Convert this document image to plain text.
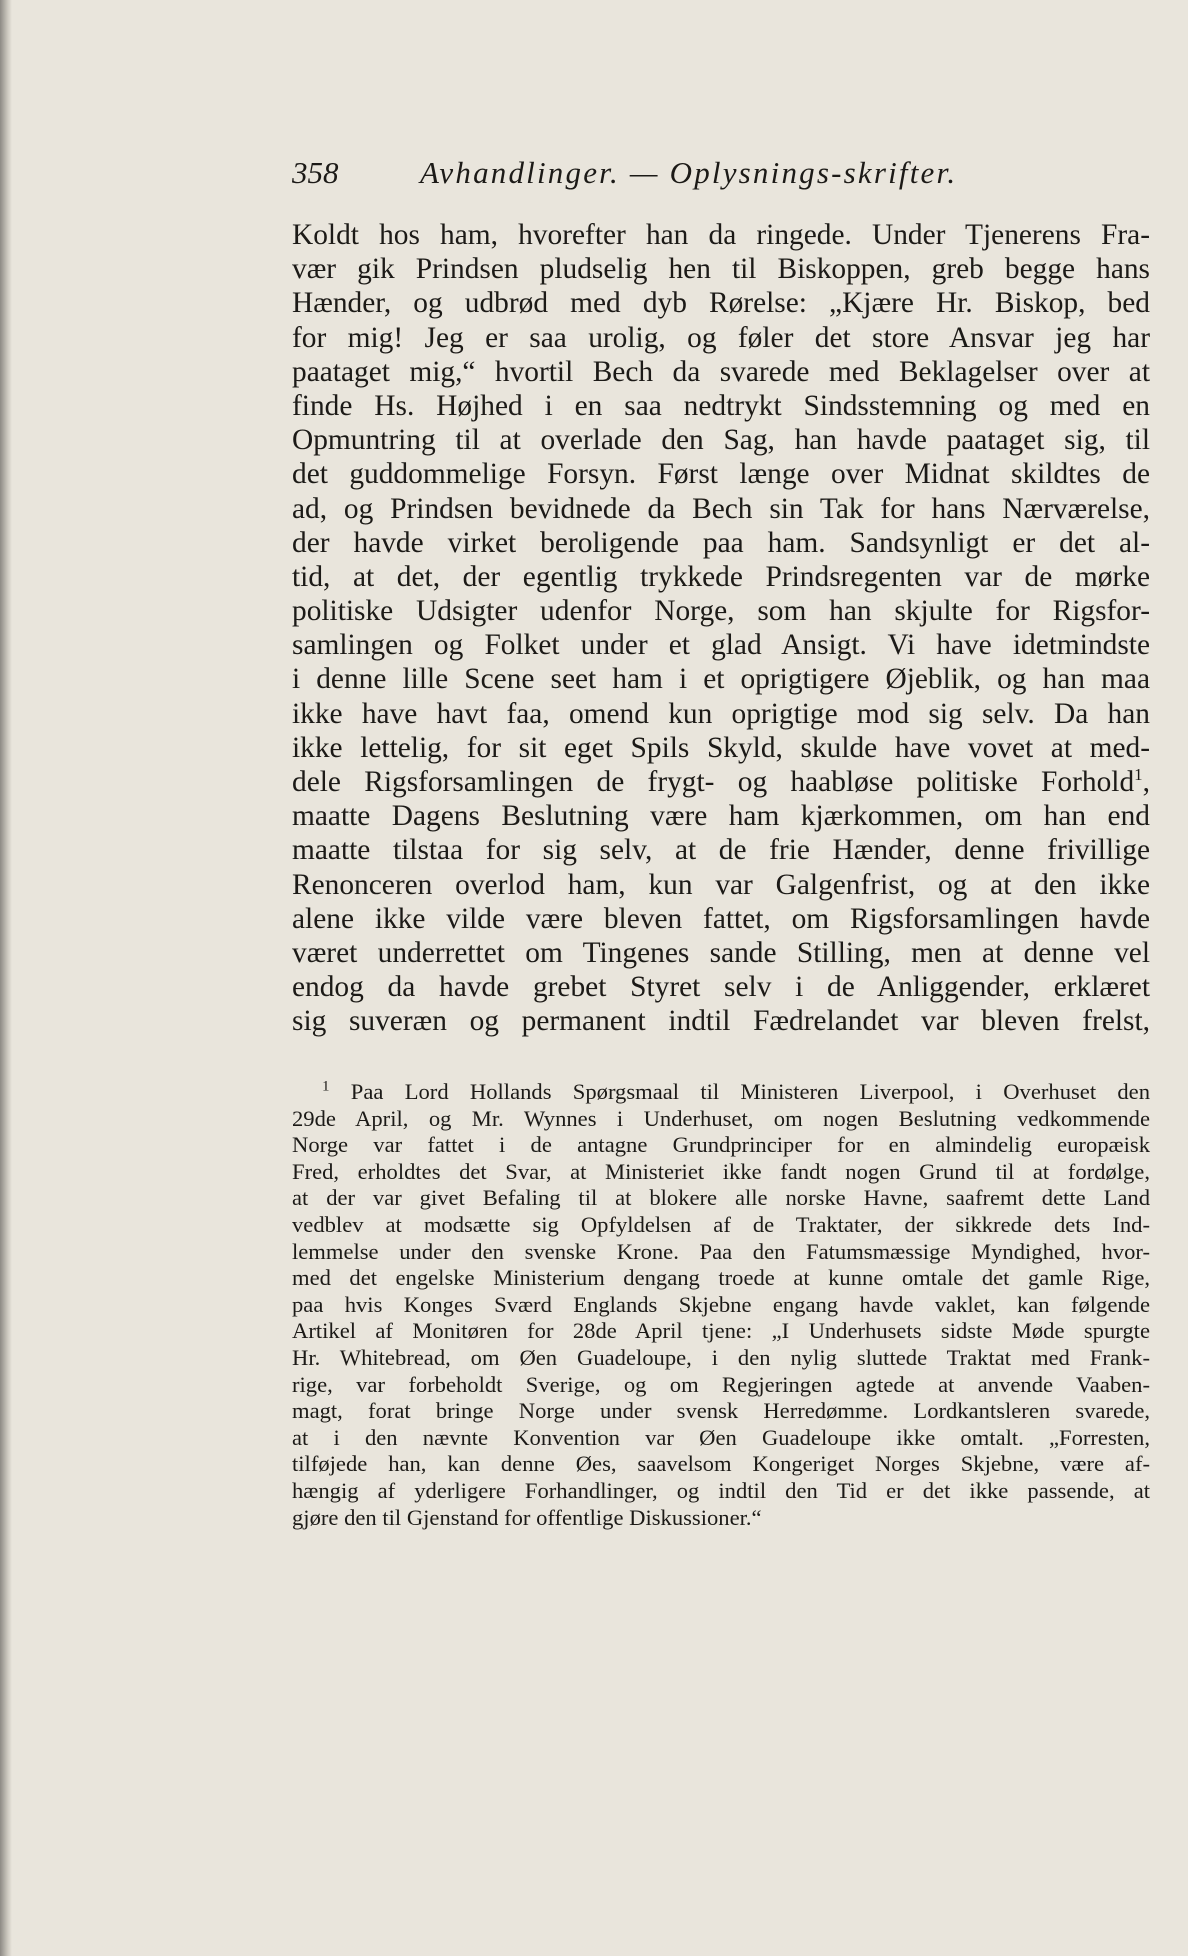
358	Avhandlinger. — Oplysnings-skrifter.
Koldt hos ham, hvorefter han da ringede. Under Tjenerens Fra-
vær gik Prindsen pludselig hen til Biskoppen, greb begge hans
Hænder, og udbrød med dyb Rørelse: „Kjære Hr. Biskop, bed
for mig! Jeg er saa urolig, og føler det store Ansvar jeg har
paataget mig,“ hvortil Bech da svarede med Beklagelser over at
finde Hs. Højhed i en saa nedtrykt Sindsstemning og med en
Opmuntring til at overlade den Sag, han havde paataget sig, til
det guddommelige Forsyn. Først længe over Midnat skildtes de
ad, og Prindsen bevidnede da Bech sin Tak for hans Nærværelse,
der havde virket beroligende paa ham. Sandsynligt er det al-
tid, at det, der egentlig trykkede Prindsregenten var de mørke
politiske Udsigter udenfor Norge, som han skjulte for Rigsfor-
samlingen og Folket under et glad Ansigt. Vi have idetmindste
i denne lille Scene seet ham i et oprigtigere Øjeblik, og han maa
ikke have havt faa, omend kun oprigtige mod sig selv. Da han
ikke lettelig, for sit eget Spils Skyld, skulde have vovet at med-
dele Rigsforsamlingen de frygt- og haabløse politiske Forhold$^1$,
maatte Dagens Beslutning være ham kjærkommen, om han end
maatte tilstaa for sig selv, at de frie Hænder, denne frivillige
Renonceren overlod ham, kun var Galgenfrist, og at den ikke
alene ikke vilde være bleven fattet, om Rigsforsamlingen havde
været underrettet om Tingenes sande Stilling, men at denne vel
endog da havde grebet Styret selv i de Anliggender, erklæret
sig suveræn og permanent indtil Fædrelandet var bleven frelst,
$^1$ Paa Lord Hollands Spørgsmaal til Ministeren Liverpool, i Overhuset den
29de April, og Mr. Wynnes i Underhuset, om nogen Beslutning vedkommende
Norge var fattet i de antagne Grundprinciper for en almindelig europæisk
Fred, erholdtes det Svar, at Ministeriet ikke fandt nogen Grund til at fordølge,
at der var givet Befaling til at blokere alle norske Havne, saafremt dette Land
vedblev at modsætte sig Opfyldelsen af de Traktater, der sikkrede dets Ind-
lemmelse under den svenske Krone. Paa den Fatumsmæssige Myndighed, hvor-
med det engelske Ministerium dengang troede at kunne omtale det gamle Rige,
paa hvis Konges Sværd Englands Skjebne engang havde vaklet, kan følgende
Artikel af Monitøren for 28de April tjene: „I Underhusets sidste Møde spurgte
Hr. Whitebread, om Øen Guadeloupe, i den nylig sluttede Traktat med Frank-
rige, var forbeholdt Sverige, og om Regjeringen agtede at anvende Vaaben-
magt, forat bringe Norge under svensk Herredømme. Lordkantsleren svarede,
at i den nævnte Konvention var Øen Guadeloupe ikke omtalt. „Forresten,
tilføjede han, kan denne Øes, saavelsom Kongeriget Norges Skjebne, være af-
hængig af yderligere Forhandlinger, og indtil den Tid er det ikke passende, at
gjøre den til Gjenstand for offentlige Diskussioner.“
